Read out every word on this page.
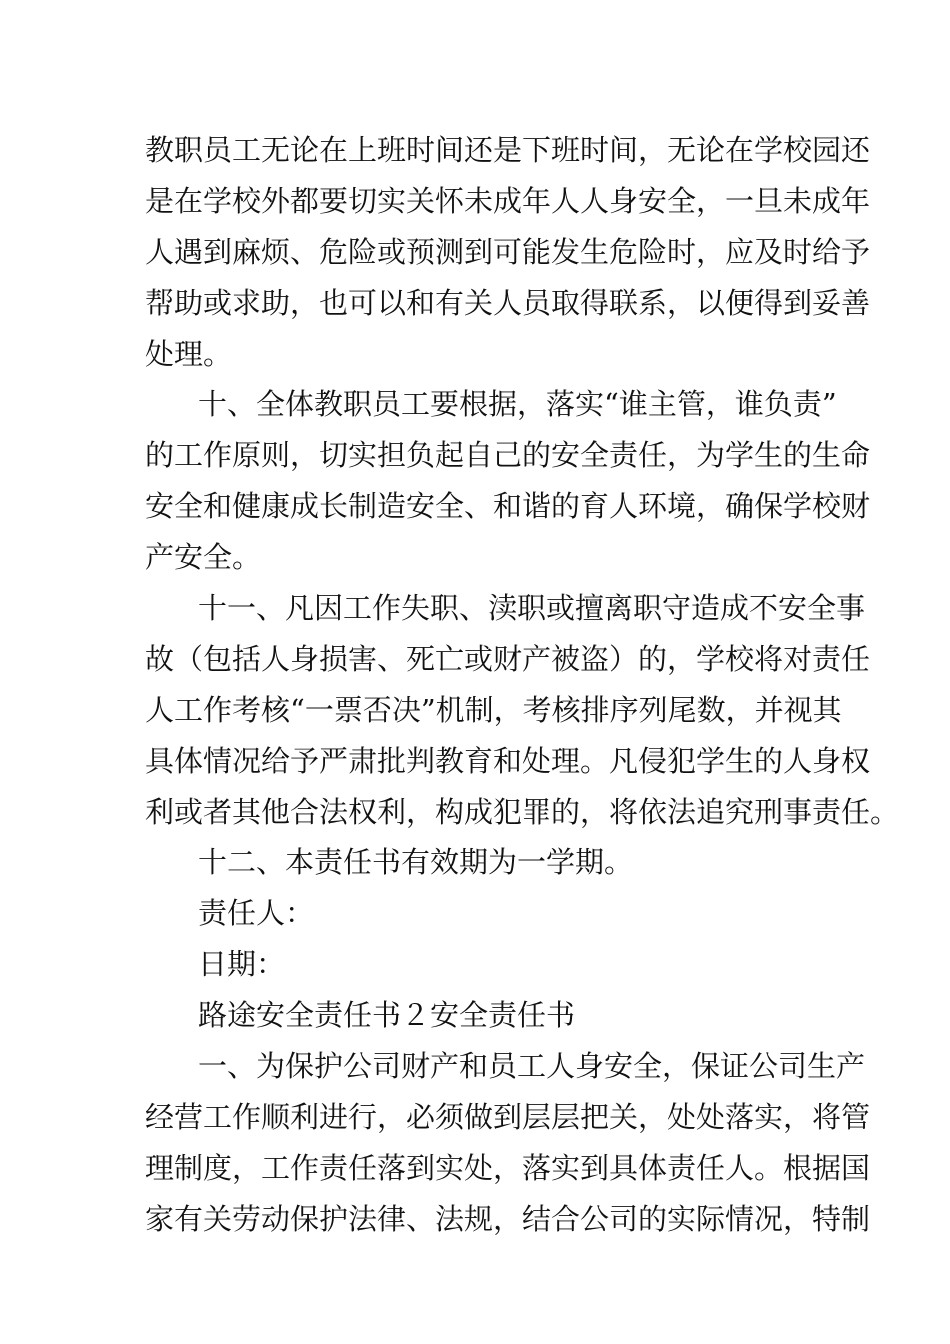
教职员工无论在上班时间还是下班时间，无论在学校园还
是在学校外都要切实关怀未成年人人身安全，一旦未成年
人遇到麻烦、危险或预测到可能发生危险时，应及时给予
帮助或求助，也可以和有关人员取得联系，以便得到妥善
处理。
十、全体教职员工要根据，落实“谁主管，谁负责”
的工作原则，切实担负起自己的安全责任，为学生的生命
安全和健康成长制造安全、和谐的育人环境，确保学校财
产安全。
十一、凡因工作失职、渎职或擅离职守造成不安全事
故（包括人身损害、死亡或财产被盗）的，学校将对责任
人工作考核“一票否决”机制，考核排序列尾数，并视其
具体情况给予严肃批判教育和处理。凡侵犯学生的人身权
利或者其他合法权利，构成犯罪的，将依法追究刑事责任。
十二、本责任书有效期为一学期。
责任人：
日期：
路途安全责任书２安全责任书
一、为保护公司财产和员工人身安全，保证公司生产
经营工作顺利进行，必须做到层层把关，处处落实，将管
理制度，工作责任落到实处，落实到具体责任人。根据国
家有关劳动保护法律、法规，结合公司的实际情况，特制
